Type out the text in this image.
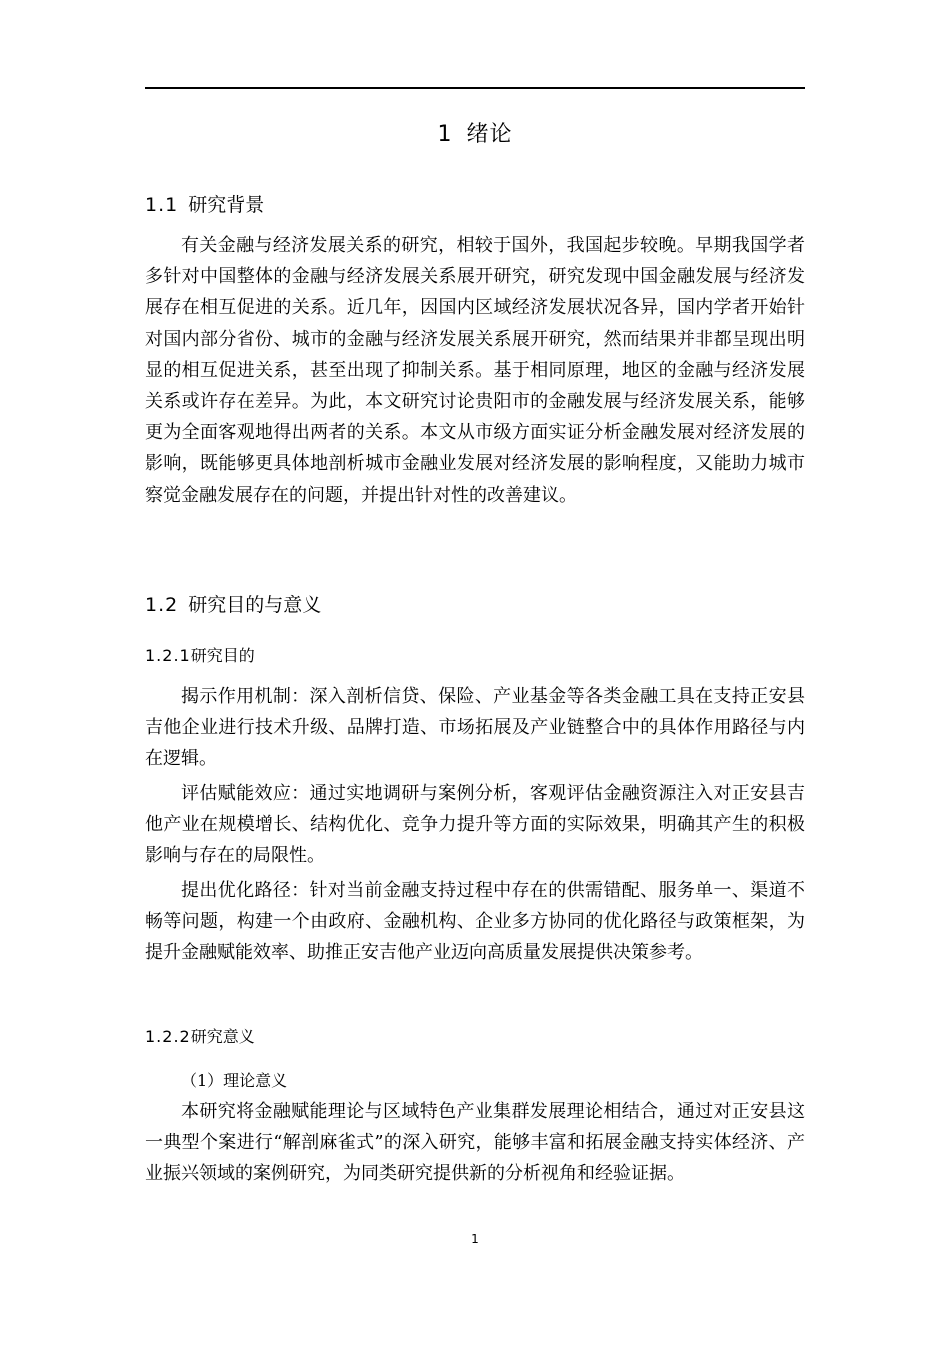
1 绪论
1.1 研究背景

有关金融与经济发展关系的研究，相较于国外，我国起步较晚。早期我国学者多针对中国整体的金融与经济发展关系展开研究，研究发现中国金融发展与经济发展存在相互促进的关系。近几年，因国内区域经济发展状况各异，国内学者开始针对国内部分省份、城市的金融与经济发展关系展开研究，然而结果并非都呈现出明显的相互促进关系，甚至出现了抑制关系。基于相同原理，地区的金融与经济发展关系或许存在差异。为此，本文研究讨论贵阳市的金融发展与经济发展关系，能够更为全面客观地得出两者的关系。本文从市级方面实证分析金融发展对经济发展的影响，既能够更具体地剖析城市金融业发展对经济发展的影响程度，又能助力城市察觉金融发展存在的问题，并提出针对性的改善建议。

1.2 研究目的与意义
1.2.1研究目的

揭示作用机制：深入剖析信贷、保险、产业基金等各类金融工具在支持正安县吉他企业进行技术升级、品牌打造、市场拓展及产业链整合中的具体作用路径与内在逻辑。

评估赋能效应：通过实地调研与案例分析，客观评估金融资源注入对正安县吉他产业在规模增长、结构优化、竞争力提升等方面的实际效果，明确其产生的积极影响与存在的局限性。

提出优化路径：针对当前金融支持过程中存在的供需错配、服务单一、渠道不畅等问题，构建一个由政府、金融机构、企业多方协同的优化路径与政策框架，为提升金融赋能效率、助推正安吉他产业迈向高质量发展提供决策参考。

1.2.2研究意义
（1）理论意义

本研究将金融赋能理论与区域特色产业集群发展理论相结合，通过对正安县这一典型个案进行“解剖麻雀式”的深入研究，能够丰富和拓展金融支持实体经济、产业振兴领域的案例研究，为同类研究提供新的分析视角和经验证据。

1
